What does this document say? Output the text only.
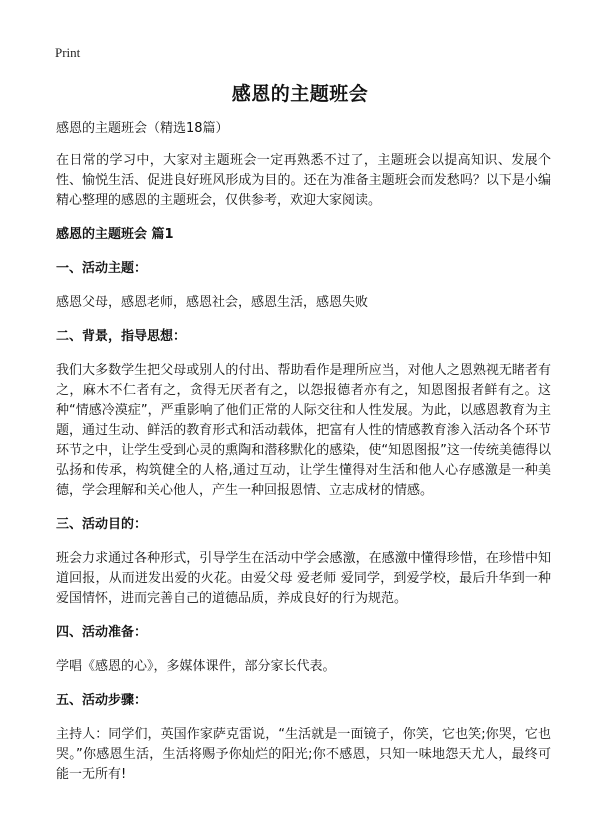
Print
感恩的主题班会

感恩的主题班会（精选18篇）

在日常的学习中，大家对主题班会一定再熟悉不过了，主题班会以提高知识、发展个性、愉悦生活、促进良好班风形成为目的。还在为准备主题班会而发愁吗？以下是小编精心整理的感恩的主题班会，仅供参考，欢迎大家阅读。

感恩的主题班会 篇1
一、活动主题：

感恩父母，感恩老师，感恩社会，感恩生活，感恩失败

二、背景，指导思想：

我们大多数学生把父母或别人的付出、帮助看作是理所应当，对他人之恩熟视无睹者有之，麻木不仁者有之，贪得无厌者有之，以怨报德者亦有之，知恩图报者鲜有之。这种“情感冷漠症”，严重影响了他们正常的人际交往和人性发展。为此，以感恩教育为主题，通过生动、鲜活的教育形式和活动载体，把富有人性的情感教育渗入活动各个环节环节之中，让学生受到心灵的熏陶和潜移默化的感染，使“知恩图报”这一传统美德得以弘扬和传承，构筑健全的人格,通过互动，让学生懂得对生活和他人心存感激是一种美德，学会理解和关心他人，产生一种回报恩情、立志成材的情感。

三、活动目的：

班会力求通过各种形式，引导学生在活动中学会感激，在感激中懂得珍惜，在珍惜中知道回报，从而迸发出爱的火花。由爱父母 爱老师 爱同学，到爱学校，最后升华到一种爱国情怀，进而完善自己的道德品质，养成良好的行为规范。

四、活动准备：

学唱《感恩的心》，多媒体课件，部分家长代表。

五、活动步骤：

主持人：同学们，英国作家萨克雷说，“生活就是一面镜子，你笑，它也笑;你哭，它也哭。”你感恩生活，生活将赐予你灿烂的阳光;你不感恩，只知一味地怨天尤人，最终可能一无所有!
